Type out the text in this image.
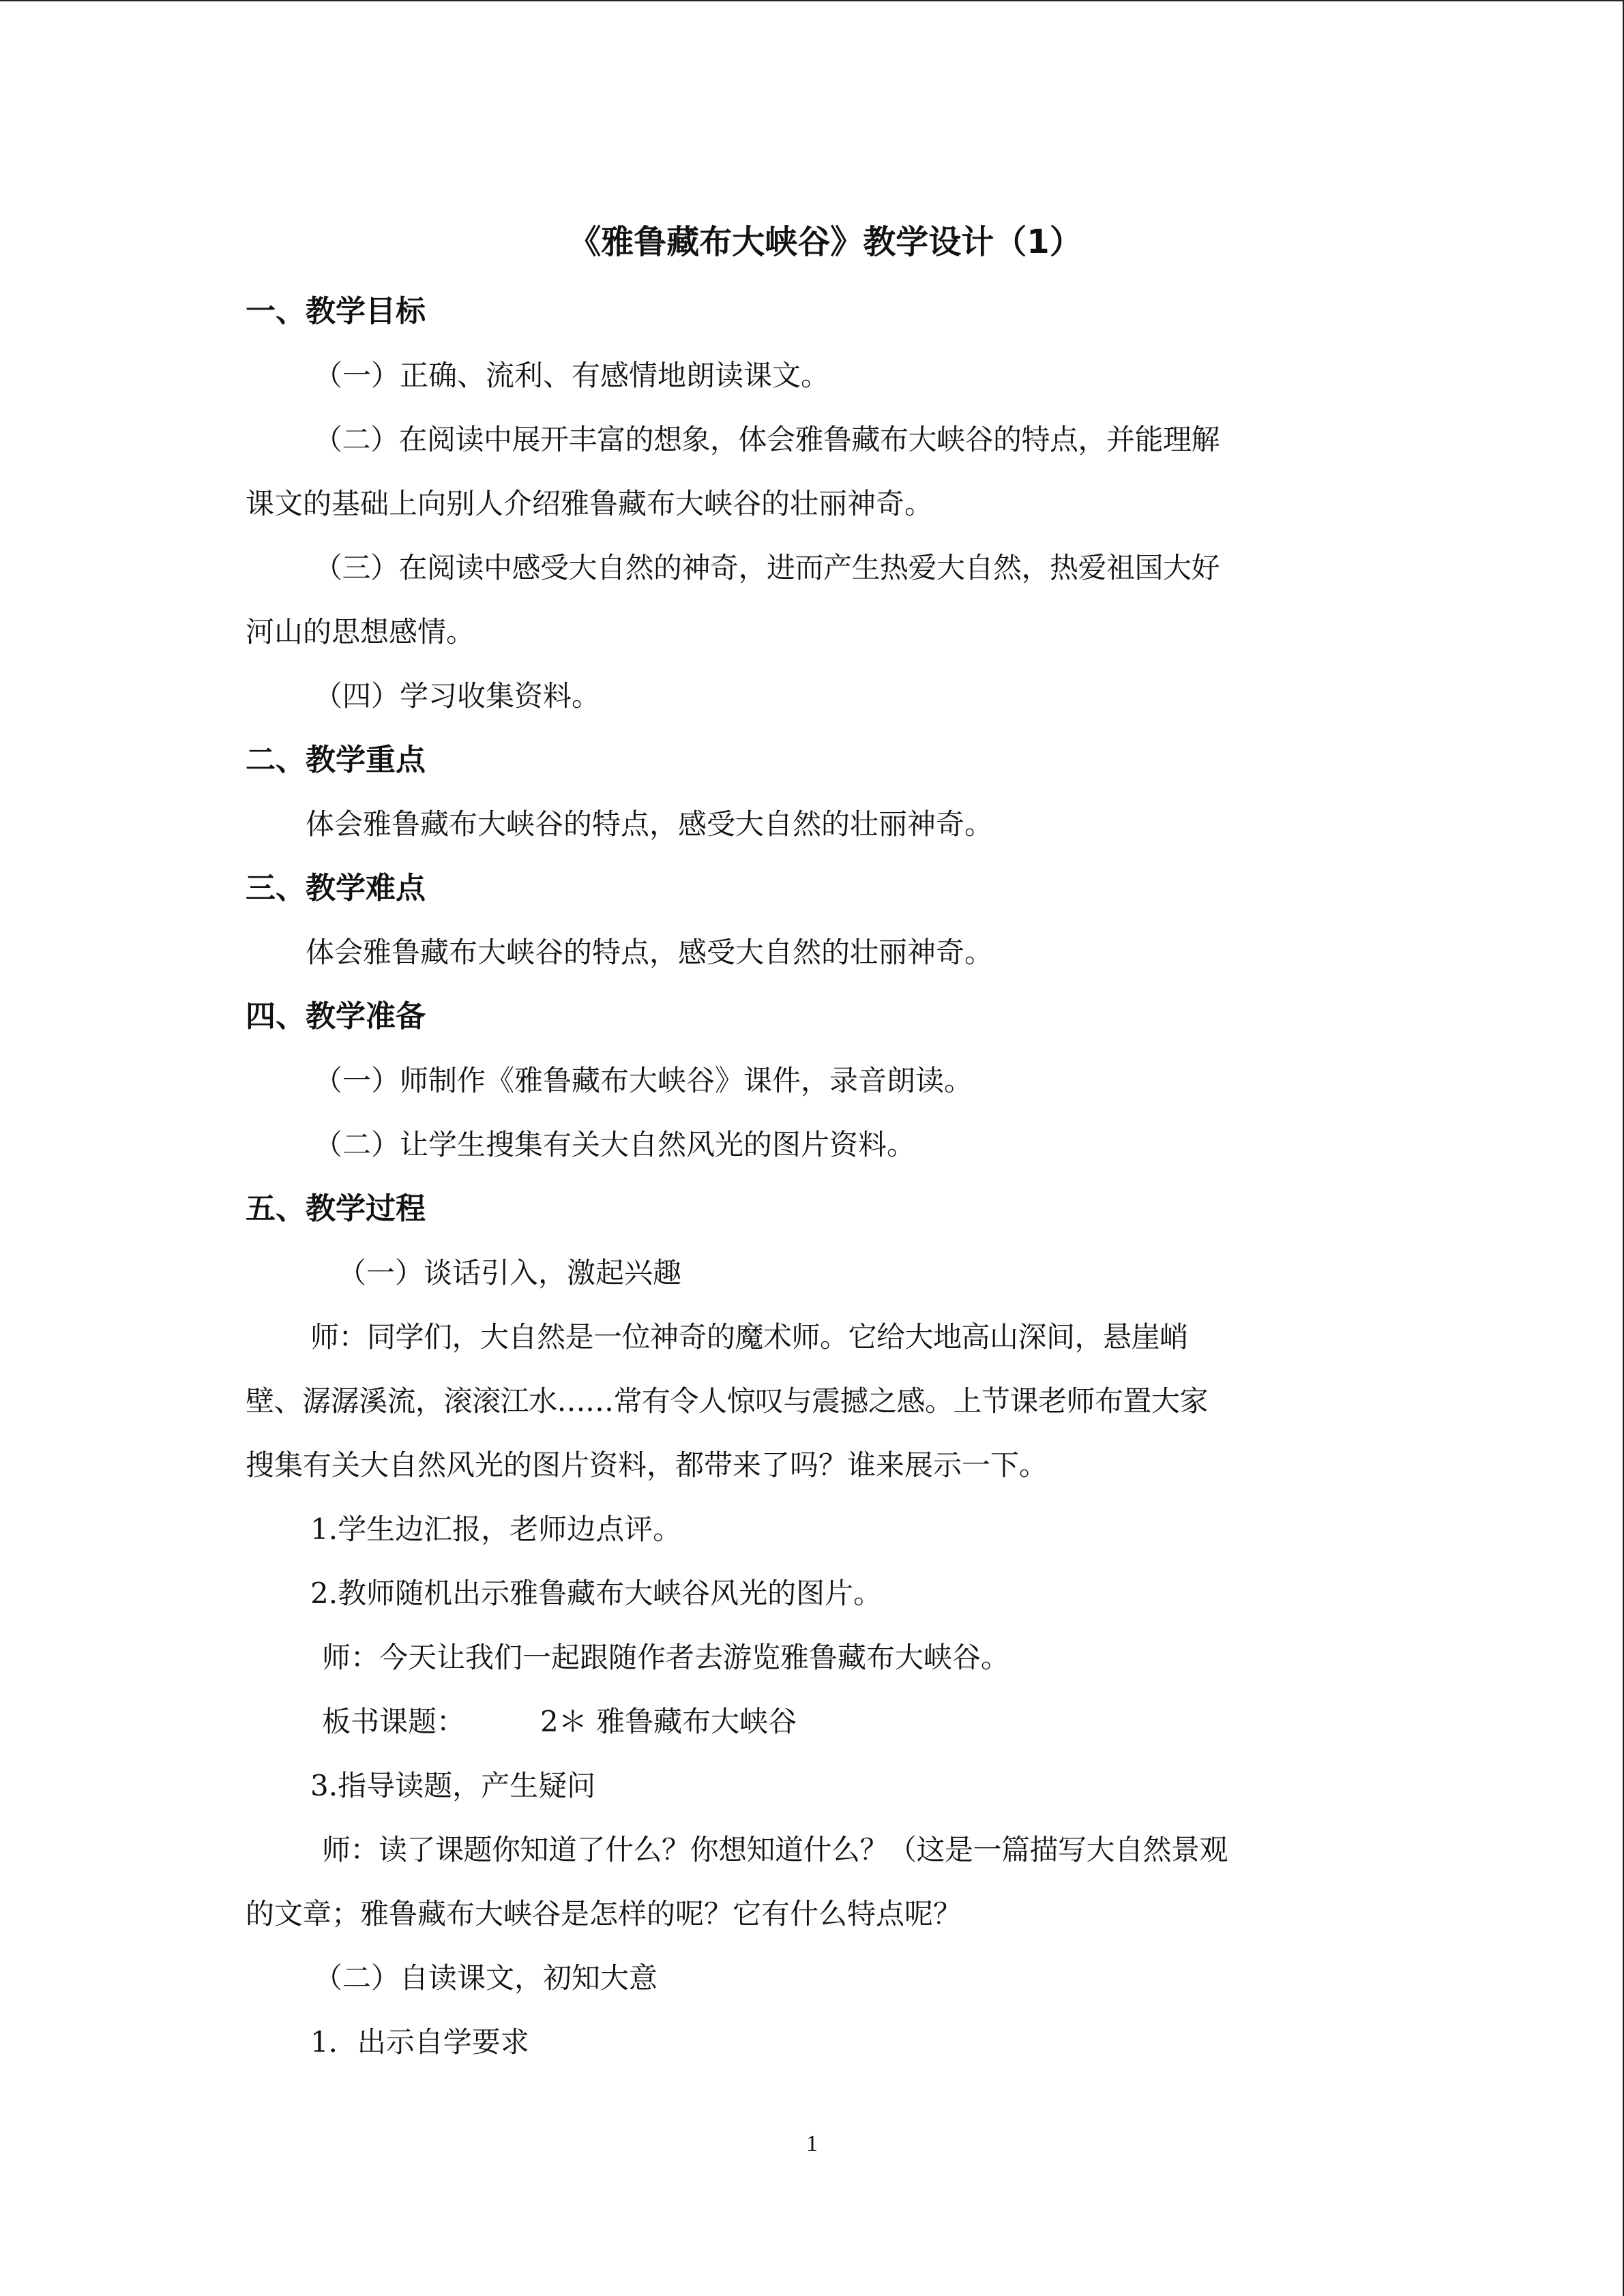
《雅鲁藏布大峡谷》教学设计（1）
一、教学目标

（一）正确、流利、有感情地朗读课文。

（二）在阅读中展开丰富的想象，体会雅鲁藏布大峡谷的特点，并能理解
课文的基础上向别人介绍雅鲁藏布大峡谷的壮丽神奇。

（三）在阅读中感受大自然的神奇，进而产生热爱大自然，热爱祖国大好
河山的思想感情。

（四）学习收集资料。

二、教学重点

体会雅鲁藏布大峡谷的特点，感受大自然的壮丽神奇。

三、教学难点

体会雅鲁藏布大峡谷的特点，感受大自然的壮丽神奇。

四、教学准备

（一）师制作《雅鲁藏布大峡谷》课件，录音朗读。

（二）让学生搜集有关大自然风光的图片资料。

五、教学过程

（一）谈话引入，激起兴趣

师：同学们，大自然是一位神奇的魔术师。它给大地高山深间，悬崖峭
壁、潺潺溪流，滚滚江水……常有令人惊叹与震撼之感。上节课老师布置大家
搜集有关大自然风光的图片资料，都带来了吗？谁来展示一下。

1.学生边汇报，老师边点评。

2.教师随机出示雅鲁藏布大峡谷风光的图片。

师：今天让我们一起跟随作者去游览雅鲁藏布大峡谷。

板书课题：	2＊ 雅鲁藏布大峡谷

3.指导读题，产生疑问

师：读了课题你知道了什么？你想知道什么？（这是一篇描写大自然景观
的文章；雅鲁藏布大峡谷是怎样的呢？它有什么特点呢？

（二）自读课文，初知大意

1．出示自学要求

1
